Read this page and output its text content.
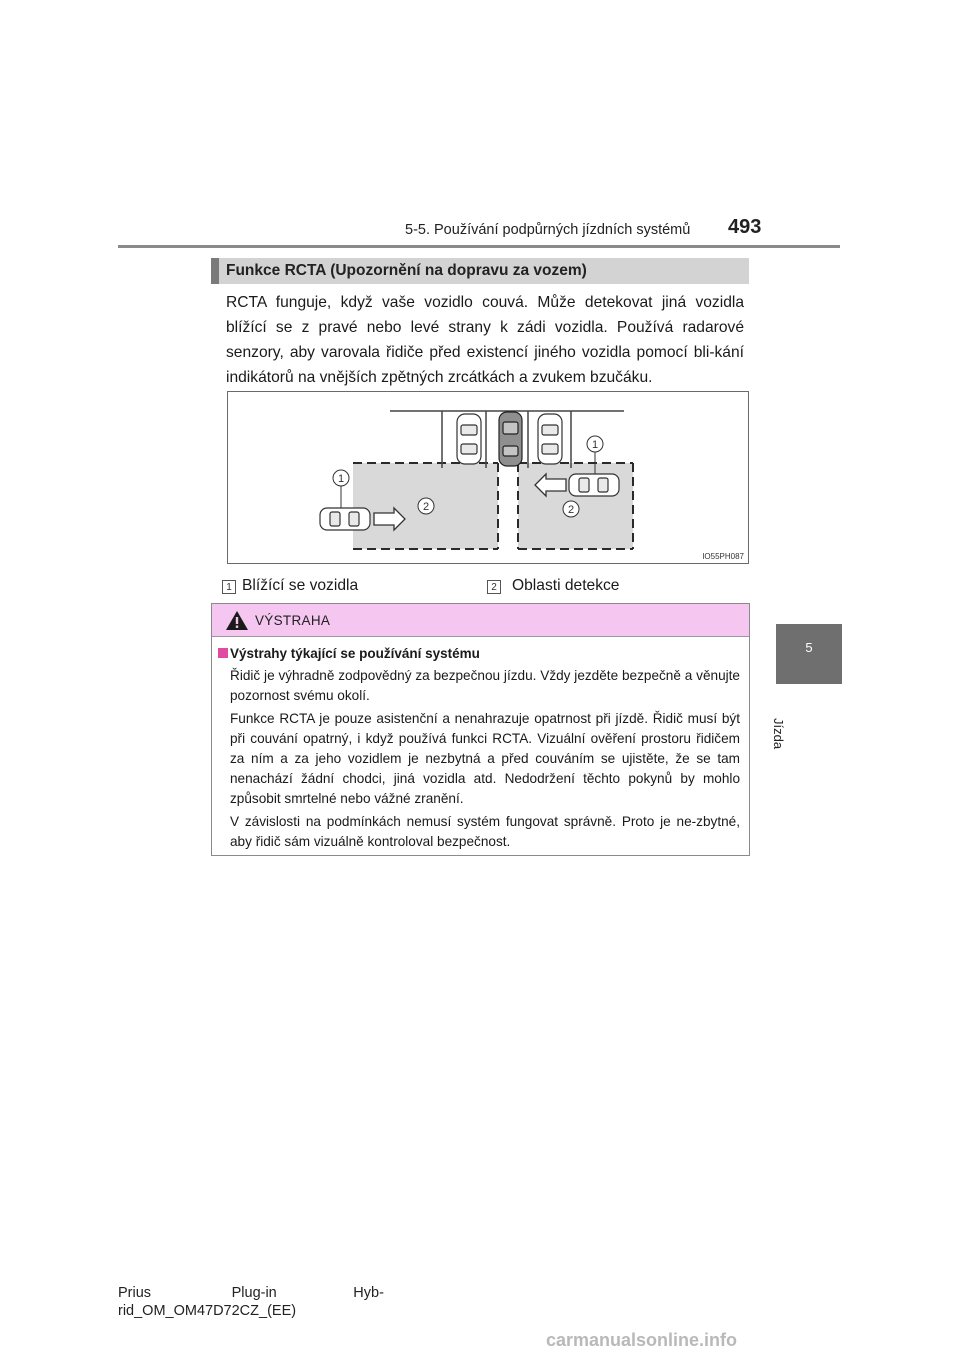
5-5. Používání podpůrných jízdních systémů 493
5
Jízda
Funkce RCTA (Upozornění na dopravu za vozem)
RCTA funguje, když vaše vozidlo couvá. Může detekovat jiná vozidla blížící se z pravé nebo levé strany k zádi vozidla. Používá radarové senzory, aby varovala řidiče před existencí jiného vozidla pomocí bli-kání indikátorů na vnějších zpětných zrcátkách a zvukem bzučáku.
1
1
2	2
IO55PH087
1 Blížící se vozidla	2 Oblasti detekce
VÝSTRAHA
Výstrahy týkající se používání systému
Řidič je výhradně zodpovědný za bezpečnou jízdu. Vždy jezděte bezpečně a věnujte pozornost svému okolí.
Funkce RCTA je pouze asistenční a nenahrazuje opatrnost při jízdě. Řidič musí být při couvání opatrný, i když používá funkci RCTA. Vizuální ověření prostoru řidičem za ním a za jeho vozidlem je nezbytná a před couváním se ujistěte, že se tam nenachází žádní chodci, jiná vozidla atd. Nedodržení těchto pokynů by mohlo způsobit smrtelné nebo vážné zranění.
V závislosti na podmínkách nemusí systém fungovat správně. Proto je ne-zbytné, aby řidič sám vizuálně kontroloval bezpečnost.
Prius                    Plug-in                   Hyb-
rid_OM_OM47D72CZ_(EE)
carmanualsonline.info
